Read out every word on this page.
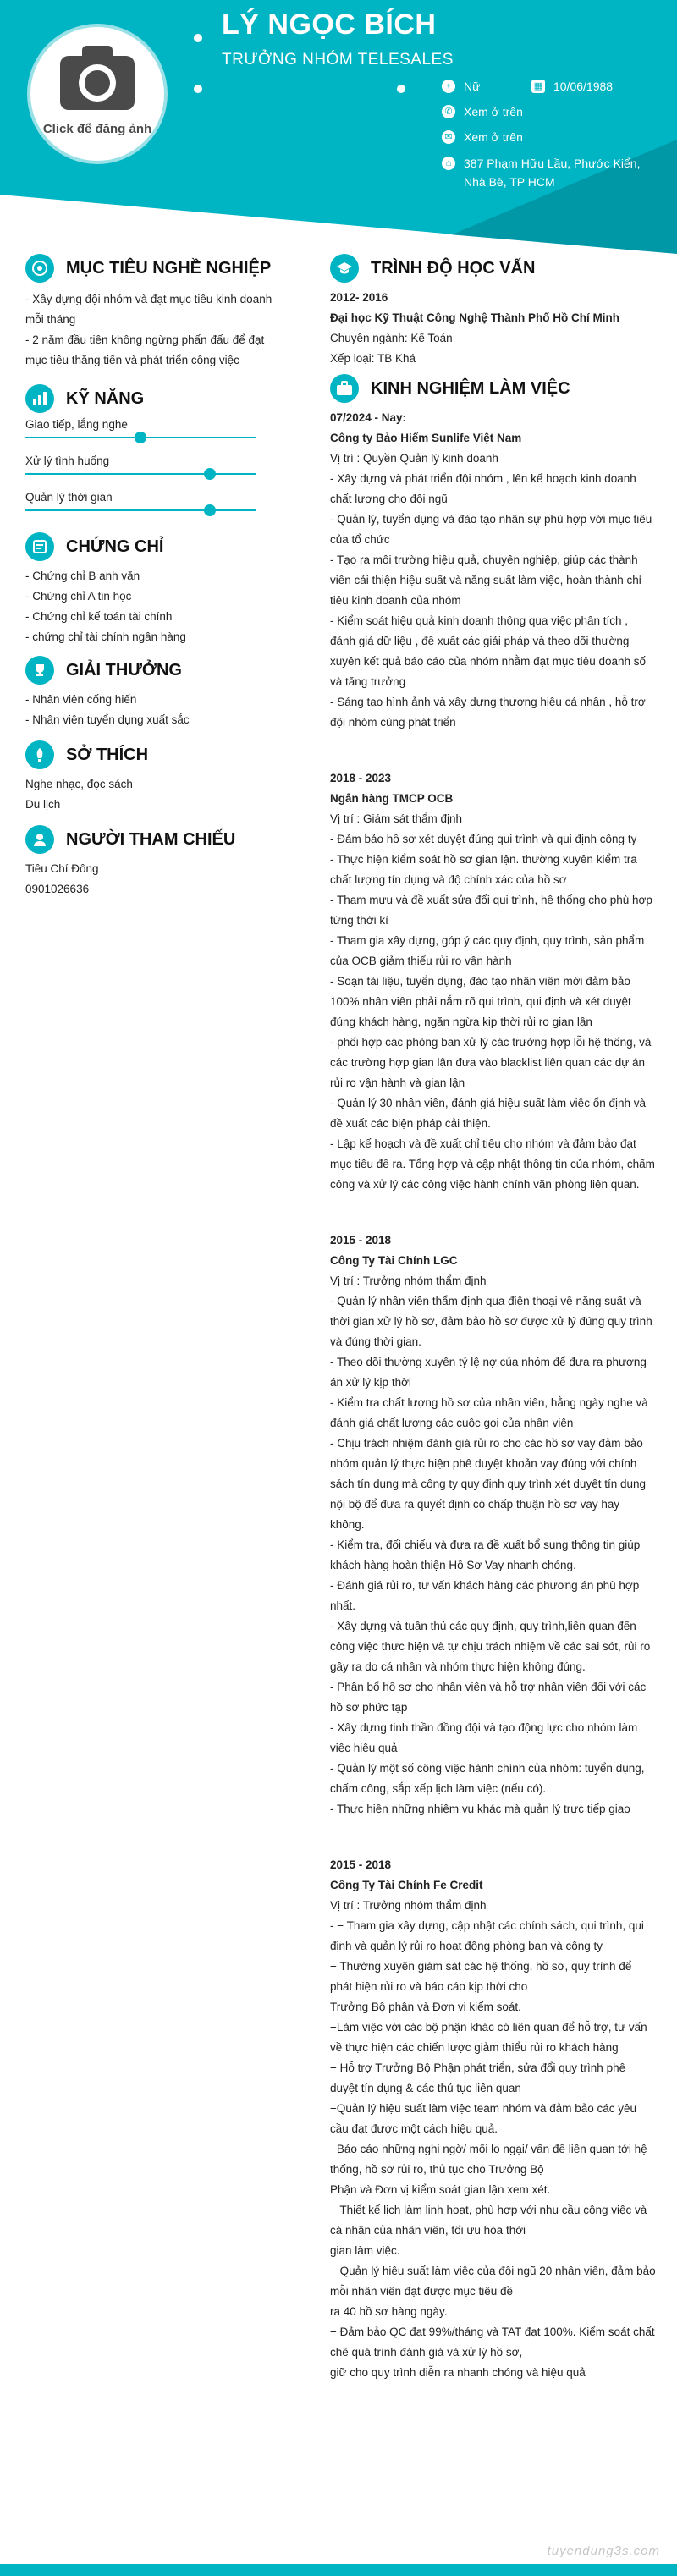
Click để đăng ảnh
LÝ NGỌC BÍCH
TRƯỞNG NHÓM TELESALES
♀ Nữ	▦ 10/06/1988
✆ Xem ở trên
✉ Xem ở trên
⌂	387 Phạm Hữu Lầu, Phước Kiển, Nhà Bè, TP HCM
MỤC TIÊU NGHỀ NGHIỆP

- Xây dựng đội nhóm và đạt mục tiêu kinh doanh mỗi tháng

- 2 năm đầu tiên không ngừng phấn đấu để đạt mục tiêu thăng tiến và phát triển công việc

KỸ NĂNG
Giao tiếp, lắng nghe
Xử lý tình huống
Quản lý thời gian
CHỨNG CHỈ

- Chứng chỉ B anh văn

- Chứng chỉ A tin học

- Chứng chỉ kế toán tài chính

- chứng chỉ tài chính ngân hàng

GIẢI THƯỞNG

- Nhân viên cống hiến

- Nhân viên tuyển dụng xuất sắc

SỞ THÍCH

Nghe nhạc, đọc sách

Du lịch

NGƯỜI THAM CHIẾU

Tiêu Chí Đông

0901026636

TRÌNH ĐỘ HỌC VẤN

2012- 2016

Đại học Kỹ Thuật Công Nghệ Thành Phố Hồ Chí Minh

Chuyên ngành: Kế Toán

Xếp loại: TB Khá

KINH NGHIỆM LÀM VIỆC

07/2024 - Nay:

Công ty Bảo Hiểm Sunlife Việt Nam

Vị trí : Quyền Quản lý kinh doanh

- Xây dựng và phát triển đội nhóm , lên kế hoạch kinh doanh chất lượng cho đội ngũ

- Quản lý, tuyển dụng và đào tạo nhân sự phù hợp với mục tiêu của tổ chức

- Tạo ra môi trường hiệu quả, chuyên nghiệp, giúp các thành viên cải thiện hiệu suất và năng suất làm việc, hoàn thành chỉ tiêu kinh doanh của nhóm

- Kiểm soát hiệu quả kinh doanh thông qua việc phân tích , đánh giá dữ liệu , đề xuất các giải pháp và theo dõi thường xuyên kết quả báo cáo của nhóm nhằm đạt mục tiêu doanh số và tăng trưởng

- Sáng tạo hình ảnh và xây dựng thương hiệu cá nhân , hỗ trợ đội nhóm cùng phát triển

2018 - 2023

Ngân hàng TMCP OCB

Vị trí : Giám sát thẩm định

- Đảm bảo hồ sơ xét duyệt đúng qui trình và qui định công ty

- Thực hiện kiểm soát hồ sơ gian lận. thường xuyên kiểm tra chất lượng tín dụng và độ chính xác của hồ sơ

- Tham mưu và đề xuất sửa đổi qui trình, hệ thống cho phù hợp từng thời kì

- Tham gia xây dựng, góp ý các quy định, quy trình, sản phẩm của OCB giảm thiểu rủi ro vận hành

- Soạn tài liệu, tuyển dụng, đào tạo nhân viên mới đảm bảo 100% nhân viên phải nắm rõ qui trình, qui định và xét duyệt đúng khách hàng, ngăn ngừa kịp thời rủi ro gian lận

- phối hợp các phòng ban xử lý các trường hợp lỗi hệ thống, và các trường hợp gian lận đưa vào blacklist liên quan các dự án rủi ro vận hành và gian lận

- Quản lý 30 nhân viên, đánh giá hiệu suất làm việc ổn định và đề xuất các biện pháp cải thiện.

- Lập kế hoạch và đề xuất chỉ tiêu cho nhóm và đảm bảo đạt mục tiêu đề ra. Tổng hợp và cập nhật thông tin của nhóm, chấm công và xử lý các công việc hành chính văn phòng liên quan.

2015 - 2018

Công Ty Tài Chính LGC

Vị trí : Trưởng nhóm thẩm định

- Quản lý nhân viên thẩm định qua điện thoại về năng suất và thời gian xử lý hồ sơ, đảm bảo hồ sơ được xử lý đúng quy trình và đúng thời gian.

- Theo dõi thường xuyên tỷ lệ nợ của nhóm để đưa ra phương án xử lý kịp thời

- Kiểm tra chất lượng hồ sơ của nhân viên, hằng ngày nghe và đánh giá chất lượng các cuộc gọi của nhân viên

- Chịu trách nhiệm đánh giá rủi ro cho các hồ sơ vay đảm bảo nhóm quản lý thực hiện phê duyệt khoản vay đúng với chính sách tín dụng mà công ty quy định quy trình xét duyệt tín dụng nội bộ để đưa ra quyết định có chấp thuận hồ sơ vay hay không.

- Kiểm tra, đối chiếu và đưa ra đề xuất bổ sung thông tin giúp khách hàng hoàn thiện Hồ Sơ Vay nhanh chóng.

- Đánh giá rủi ro, tư vấn khách hàng các phương án phù hợp nhất.

- Xây dựng và tuân thủ các quy định, quy trình,liên quan đến công việc thực hiện và tự chịu trách nhiệm về các sai sót, rủi ro gây ra do cá nhân và nhóm thực hiện không đúng.

- Phân bổ hồ sơ cho nhân viên và hỗ trợ nhân viên đối với các hồ sơ phức tạp

- Xây dựng tinh thần đồng đội và tạo động lực cho nhóm làm việc hiệu quả

- Quản lý một số công việc hành chính của nhóm: tuyển dụng, chấm công, sắp xếp lịch làm việc (nếu có).

- Thực hiện những nhiệm vụ khác mà quản lý trực tiếp giao

2015 - 2018

Công Ty Tài Chính Fe Credit

Vị trí : Trưởng nhóm thẩm định

- − Tham gia xây dựng, cập nhật các chính sách, qui trình, qui định và quản lý rủi ro hoạt động phòng ban và công ty

− Thường xuyên giám sát các hệ thống, hồ sơ, quy trình để phát hiện rủi ro và báo cáo kịp thời cho

Trưởng Bộ phận và Đơn vị kiểm soát.

−Làm việc với các bộ phận khác có liên quan để hỗ trợ, tư vấn về thực hiện các chiến lược giảm thiểu rủi ro khách hàng

− Hỗ trợ Trưởng Bộ Phận phát triển, sửa đổi quy trình phê duyệt tín dụng & các thủ tục liên quan

−Quản lý hiệu suất làm việc team nhóm và đảm bảo các yêu cầu đạt được một cách hiệu quả.

−Báo cáo những nghi ngờ/ mối lo ngại/ vấn đề liên quan tới hệ thống, hồ sơ rủi ro, thủ tục cho Trưởng Bộ

Phận và Đơn vị kiểm soát gian lận xem xét.

− Thiết kế lịch làm linh hoạt, phù hợp với nhu cầu công việc và cá nhân của nhân viên, tối ưu hóa thời

gian làm việc.

− Quản lý hiệu suất làm việc của đội ngũ 20 nhân viên, đảm bảo mỗi nhân viên đạt được mục tiêu đề

ra 40 hồ sơ hàng ngày.

− Đảm bảo QC đạt 99%/tháng và TAT đạt 100%. Kiểm soát chất chẽ quá trình đánh giá và xử lý hồ sơ,

giữ cho quy trình diễn ra nhanh chóng và hiệu quả

tuyendung3s.com
